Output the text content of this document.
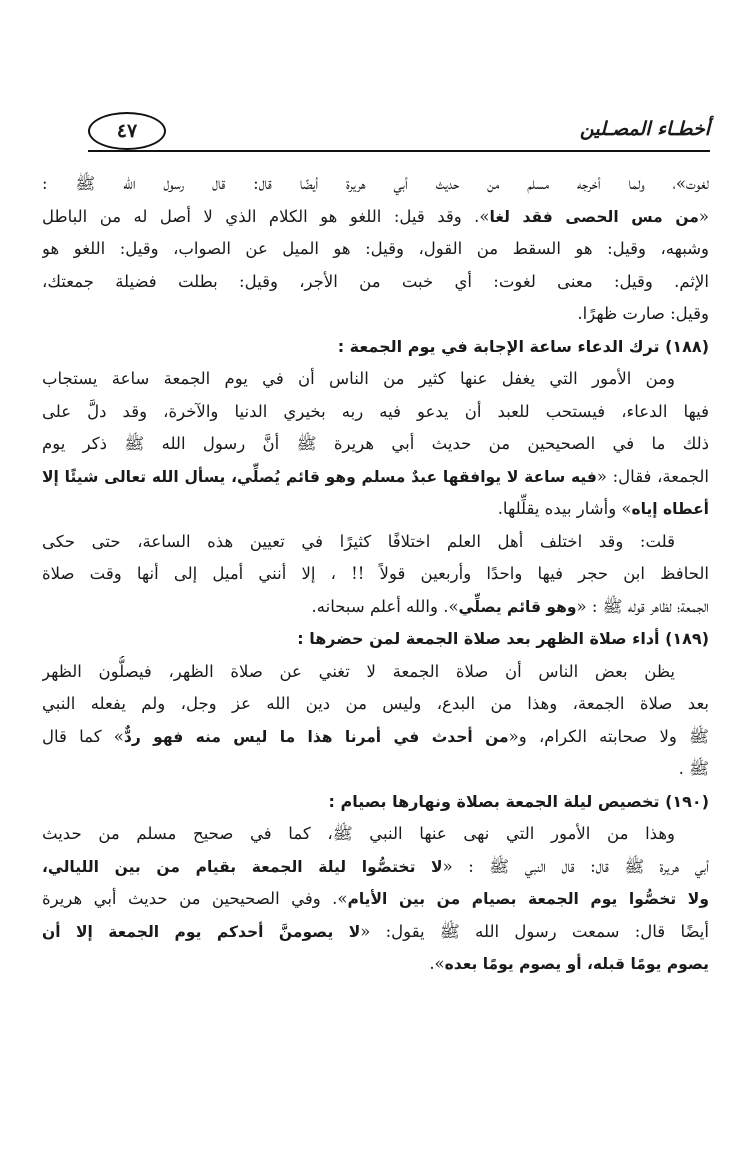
أخطـاء المصـلين
٤٧
لغوت»، ولما أخرجه مسلم من حديث أبي هريرة أيضًا قال: قال رسول الله ﷺ :
«من مس الحصى فقد لغا». وقد قيل: اللغو هو الكلام الذي لا أصل له من الباطل
وشبهه، وقيل: هو السقط من القول، وقيل: هو الميل عن الصواب، وقيل: اللغو هو
الإثم. وقيل: معنى لغوت: أي خبت من الأجر، وقيل: بطلت فضيلة جمعتك،
وقيل: صارت ظهرًا.
(١٨٨) ترك الدعاء ساعة الإجابة في يوم الجمعة :
ومن الأمور التي يغفل عنها كثير من الناس أن في يوم الجمعة ساعة يستجاب
فيها الدعاء، فيستحب للعبد أن يدعو فيه ربه بخيري الدنيا والآخرة، وقد دلَّ على
ذلك ما في الصحيحين من حديث أبي هريرة ﷺ أنَّ رسول الله ﷺ ذكر يوم
الجمعة، فقال: «فيه ساعة لا يوافقها عبدٌ مسلم وهو قائم يُصلِّي، يسأل الله تعالى شيئًا إلا
أعطاه إياه» وأشار بيده يقلِّلها.
قلت: وقد اختلف أهل العلم اختلافًا كثيرًا في تعيين هذه الساعة، حتى حكى
الحافظ ابن حجر فيها واحدًا وأربعين قولاً !! ، إلا أنني أميل إلى أنها وقت صلاة
الجمعة؛ لظاهر قوله ﷺ : «وهو قائم يصلِّي». والله أعلم سبحانه.
(١٨٩) أداء صلاة الظهر بعد صلاة الجمعة لمن حضرها :
يظن بعض الناس أن صلاة الجمعة لا تغني عن صلاة الظهر، فيصلُّون الظهر
بعد صلاة الجمعة، وهذا من البدع، وليس من دين الله عز وجل، ولم يفعله النبي
ﷺ ولا صحابته الكرام، و«من أحدث في أمرنا هذا ما ليس منه فهو ردٌّ» كما قال
ﷺ .
(١٩٠) تخصيص ليلة الجمعة بصلاة ونهارها بصيام :
وهذا من الأمور التي نهى عنها النبي ﷺ، كما في صحيح مسلم من حديث
أبي هريرة ﷺ قال: قال النبي ﷺ : «لا تختصُّوا ليلة الجمعة بقيام من بين الليالي،
ولا تخصُّوا يوم الجمعة بصيام من بين الأيام». وفي الصحيحين من حديث أبي هريرة
أيضًا قال: سمعت رسول الله ﷺ يقول: «لا يصومنَّ أحدكم يوم الجمعة إلا أن
يصوم يومًا قبله، أو يصوم يومًا بعده».
